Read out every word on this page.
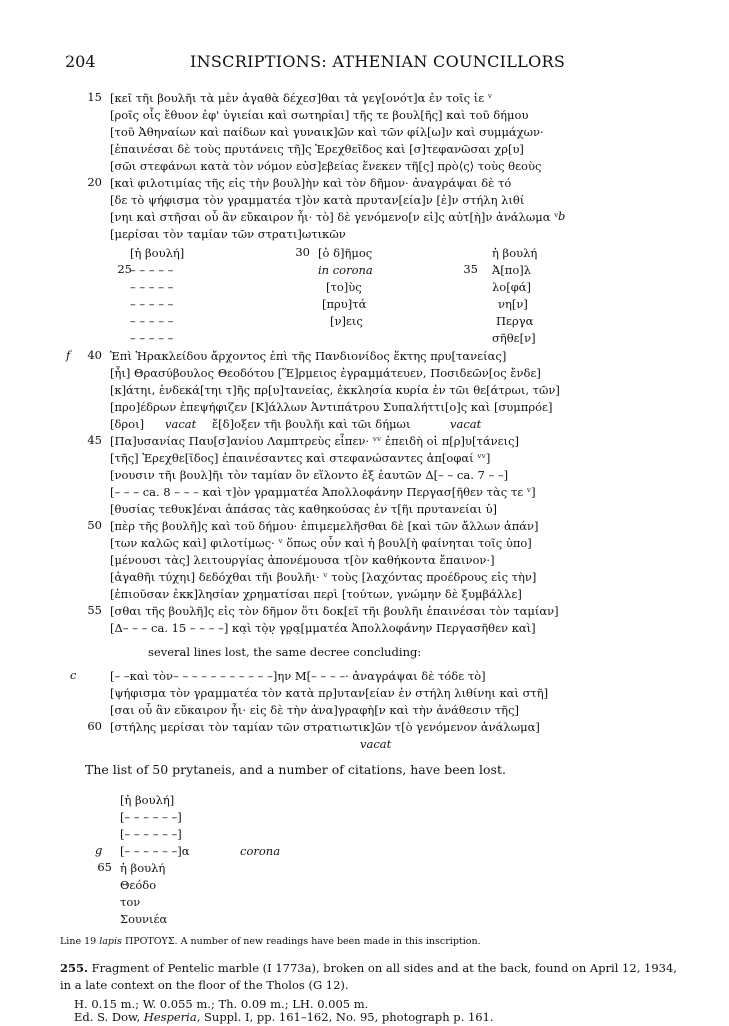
204	INSCRIPTIONS: ATHENIAN COUNCILLORS
15 [κεῖ τῆι βουλῆι τὰ μὲν ἀγαθὰ δέχεσ]θαι τὰ γεγ[ονότ]α ἐν τοῖς ἱε ᵛ
[ροῖς οἷς ἔθυον ἐφ' ὑγιείαι καὶ σωτηρίαι] τῆς τε βουλ[ῆς] καὶ τοῦ δήμου
[τοῦ Ἀθηναίων καὶ παίδων καὶ γυναικ]ῶν καὶ τῶν φίλ[ω]ν καὶ συμμάχων·
[ἐπαινέσαι δὲ τοὺς πρυτάνεις τῆ]ς Ἐρεχθεῖδος καὶ [σ]τεφανῶσαι χρ[υ]
[σῶι στεφάνωι κατὰ τὸν νόμον εὐσ]εβείας ἕνεκεν τῆ[ς] πρὸ⟨ς⟩ τοὺς θεοὺς
20 [καὶ φιλοτιμίας τῆς εἰς τὴν βουλ]ὴν καὶ τὸν δῆμον· ἀναγράψαι δὲ τό
[δε τὸ ψήφισμα τὸν γραμματέα τ]ὸν κατὰ πρυταν[εία]ν [ἐ]ν στήλη λιθί
[νηι καὶ στῆσαι οὗ ἂν εὔκαιρον ἦι· τὸ] δὲ γενόμενο[ν εἰ]ς αὐτ[ὴ]ν ἀνάλωμα ᵛ b
[μερίσαι τὸν ταμίαν τῶν στρατι]ωτικῶν
[ἡ βουλή]
25
– – – – –
– – – – –
– – – – –
– – – – –
– – – – –
30 [ὁ δ]ῆμος
in corona
[το]ὺς
[πρυ]τά
[ν]εις
ἡ βουλή
35 Ἀ[πο]λ
λο[φά]
νη[ν]
Περγα
σῆθε[ν]
f	40 Ἐπὶ Ἡρακλείδου ἄρχοντος ἐπὶ τῆς Πανδιονίδος ἕκτης πρυ[τανείας]
[ἧι] Θρασύβουλος Θεοδότου [Ἕ]ρμειος ἐγραμμάτευεν, Ποσιδεῶν[ος ἔνδε]
[κ]άτηι, ἑνδεκά[τηι τ]ῆς πρ[υ]τανείας, ἐκκλησία κυρία ἐν τῶι θε[άτρωι, τῶν]
[προ]έδρων ἐπεψήφιζεν [Κ]άλλων Ἀντιπάτρου Συπαλήττι[ο]ς καὶ [συμπρόε]
[δροι] vacat ἔ[δ]οξεν τῆι βουλῆι καὶ τῶι δήμωι	vacat
45 [Πα]υσανίας Παυ[σ]ανίου Λαμπτρεὺς εἶπεν· ᵛᵛ ἐπειδὴ οἱ π[ρ]υ[τάνεις]
[τῆς] Ἐρεχθε[ῖδος] ἐπαινέσαντες καὶ στεφανώσαντες ἀπ[οφαί ᵛᵛ]
[νουσιν τῆι βουλ]ῆι τὸν ταμίαν ὃν εἵλοντο ἐξ ἑαυτῶν Δ[– – ca. 7 – –]
[– – – ca. 8 – – – καὶ τ]ὸν γραμματέα Ἀπολλοφάνην Περγασ[ῆθεν τὰς τε ᵛ]
[θυσίας τεθυκ]έναι ἁπάσας τὰς καθηκούσας ἐν τ[ῆι πρυτανείαι ὑ]
50 [πὲρ τῆς βουλῆ]ς καὶ τοῦ δήμου· ἐπιμεμελῆσθαι δὲ [καὶ τῶν ἄλλων ἁπάν]
[των καλῶς καὶ] φιλοτίμως· ᵛ ὅπως οὖν καὶ ἡ βουλ[ὴ φαίνηται τοῖς ὑπο]
[μένουσι τὰς] λειτουργίας ἀπονέμουσα τ[ὸν καθήκοντα ἔπαινον·]
[ἀγαθῆι τύχηι] δεδόχθαι τῆι βουλῆι· ᵛ τοὺς [λαχόντας προέδρους εἰς τὴν]
[ἐπιοῦσαν ἐκκ]λησίαν χρηματίσαι περὶ [τούτων, γνώμην δὲ ξυμβάλλε]
55 [σθαι τῆς βουλῆ]ς εἰς τὸν δῆμον ὅτι δοκ[εῖ τῆι βουλῆι ἐπαινέσαι τὸν ταμίαν]
[Δ– – – ca. 15 – – – –] κα̣ὶ τὸ̣ν̣ γρ̣α̣[μματέα Ἀπολλοφάνην Περγασῆθεν καὶ]
several lines lost, the same decree concluding:
c	[– –καὶ τὸν– – – – – – – – – – –]ην Μ[– – – –· ἀναγράψαι δὲ τόδε τὸ]
[ψήφισμα τὸν γραμματέα τὸν κατὰ πρ]υταν[είαν ἐν στήλη λιθίνηι καὶ στῆ]
[σαι οὗ ἂν εὔκαιρον ἦι· εἰς δὲ τὴν ἀνα]γραφὴ[ν καὶ τὴν ἀνάθεσιν τῆς]
60 [στήλης μερίσαι τὸν ταμίαν τῶν στρατιωτικ]ῶν τ[ὸ γενόμενον ἀνάλωμα]
vacat
The list of 50 prytaneis, and a number of citations, have been lost.
[ἡ βουλή]
[– – – – – –]
[– – – – – –]
g [– – – – – –]α	corona
65 ἡ βουλή
Θεόδο
τον
Σουνιέα
Line 19 lapis ΠΡΟΤΟΥΣ. A number of new readings have been made in this inscription.
255. Fragment of Pentelic marble (I 1773a), broken on all sides and at the back, found on April 12, 1934, in a late context on the floor of the Tholos (G 12).
H. 0.15 m.; W. 0.055 m.; Th. 0.09 m.; LH. 0.005 m.
Ed. S. Dow, Hesperia, Suppl. I, pp. 161–162, No. 95, photograph p. 161.
